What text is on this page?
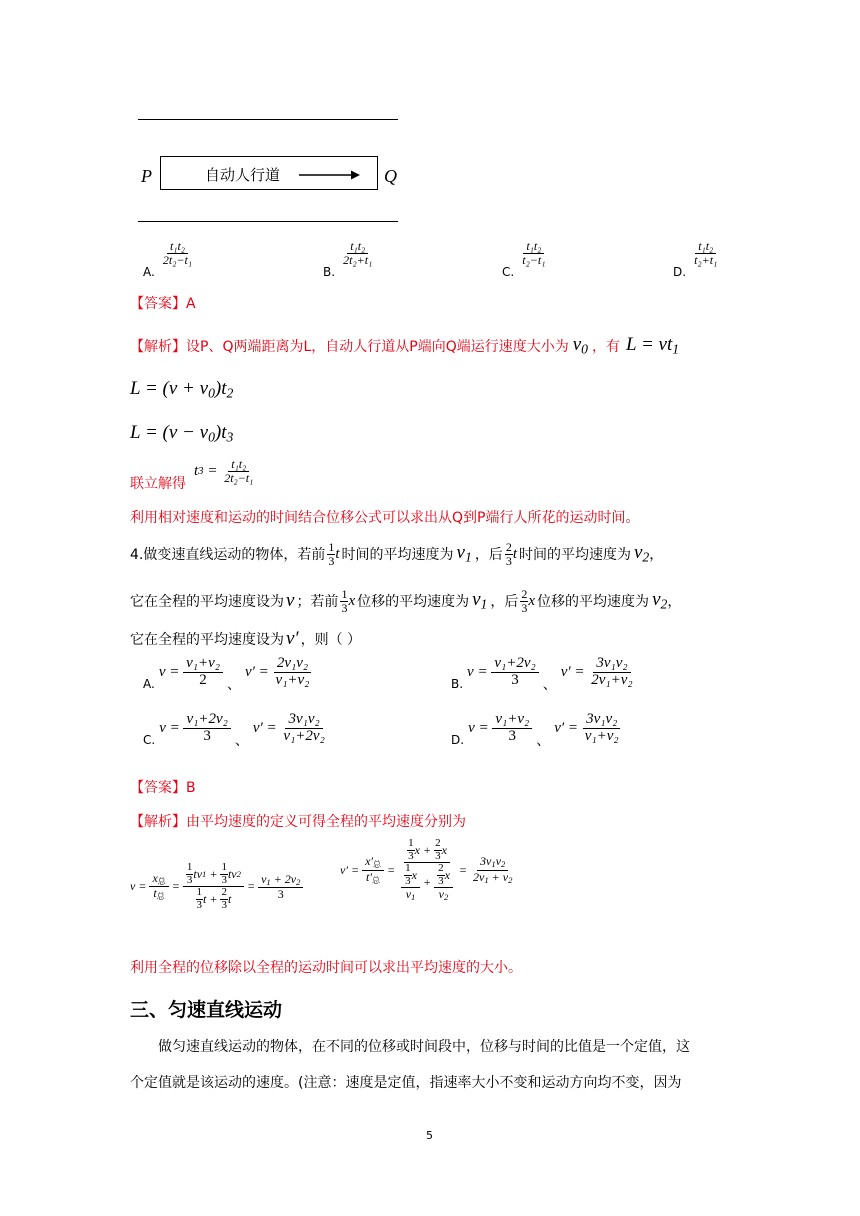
P	自动人行道	Q
$_{A.}$
$\frac{\text{t₁t₂}}{\text{2t₂−t₁}}$
$_{B.}$
$\frac{\text{t₁t₂}}{\text{2t₂+t₁}}$
$_{C.}$
$\frac{\text{t₁t₂}}{\text{t₂−t₁}}$
$_{D.}$
$\frac{\text{t₁t₂}}{\text{t₂+t₁}}$
【答案】A
【解析】 设P、Q两端距离为L，自动人行道从P端向Q端运行速度大小为 $v_0$ ，有 $L = vt_1$
$L = (v + v_0)t_2$
$L = (v - v_0)t_3$
联立解得
t $3 = \frac{\text{t₁t₂}}{\text{2t₂−t₁}}$
利用相对速度和运动的时间结合位移公式可以求出从Q到P端行人所花的运动时间。
4.做变速直线运动的物体，若前 $\frac{1}{3}$ t 时间的平均速度为 $v_1$ ，后 $\frac{2}{3}$ t 时间的平均速度为 $v_2$ ，
它在全程的平均速度设为 v ；若前 $\frac{1}{3}$ x 位移的平均速度为 $v_1$ ，后 $\frac{2}{3}$ x 位移的平均速度为 $v_2$ ，
它在全程的平均速度设为 v′ ，则（ ）
A.
$v = \frac{\text{v₁+v₂}}{2}$ 、
$v' = \frac{\text{2v₁v₂}}{\text{v₁+v₂}}$	B.
$v = \frac{\text{v₁+2v₂}}{3}$ 、
$v' = \frac{\text{3v₁v₂}}{\text{2v₁+v₂}}$
C.
$v = \frac{\text{v₁+2v₂}}{3}$ 、
$v' = \frac{\text{3v₁v₂}}{\text{v₁+2v₂}}$	D.
$v = \frac{\text{v₁+v₂}}{3}$ 、
$v' = \frac{\text{3v₁v₂}}{\text{v₁+v₂}}$
【答案】B
【解析】由平均速度的定义可得全程的平均速度分别为
$v = \frac{x_总}{t_总} = \frac{\frac{1}{3} tv 1 + \frac{1}{3} tv 2}{\frac{1}{3} t + \frac{2}{3} t} = \frac{v_1 + 2v_2}{3}$
$v' = \frac{x'_总}{t'_总} = \frac{\frac{1}{3} x + \frac{2}{3} x}{\frac{\frac{1}{3} x}{v_1} + \frac{\frac{2}{3} x}{v_2}} = \frac{3v_1v_2}{2v_1 + v_2}$
利用全程的位移除以全程的运动时间可以求出平均速度的大小。
三、匀速直线运动
做匀速直线运动的物体，在不同的位移或时间段中，位移与时间的比值是一个定值，这
个定值就是该运动的速度。(注意：速度是定值，指速率大小不变和运动方向均不变，因为
5
